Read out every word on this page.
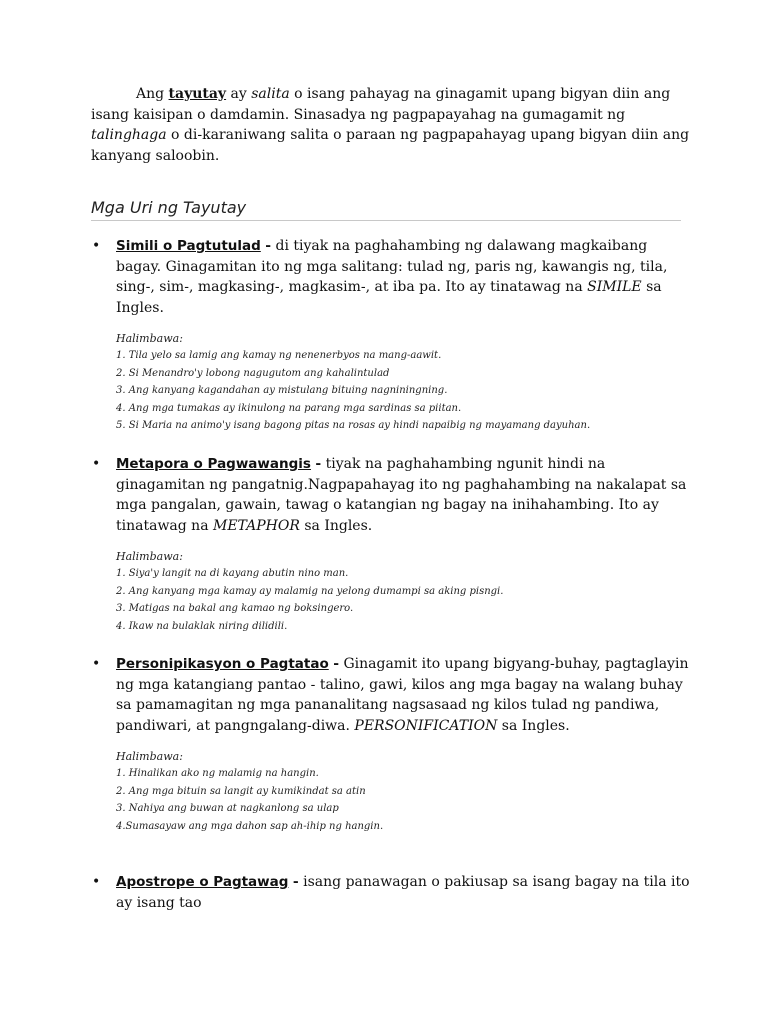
Ang tayutay ay salita o isang pahayag na ginagamit upang bigyan diin ang isang kaisipan o damdamin. Sinasadya ng pagpapayahag na gumagamit ng talinghaga o di-karaniwang salita o paraan ng pagpapahayag upang bigyan diin ang kanyang saloobin.
Mga Uri ng Tayutay
• Simili o Pagtutulad - di tiyak na paghahambing ng dalawang magkaibang bagay. Ginagamitan ito ng mga salitang: tulad ng, paris ng, kawangis ng, tila, sing-, sim-, magkasing-, magkasim-, at iba pa. Ito ay tinatawag na SIMILE sa Ingles.
Halimbawa:
1. Tila yelo sa lamig ang kamay ng nenenerbyos na mang-aawit.
2. Si Menandro'y lobong nagugutom ang kahalintulad
3. Ang kanyang kagandahan ay mistulang bituing nagniningning.
4. Ang mga tumakas ay ikinulong na parang mga sardinas sa piitan.
5. Si Maria na animo'y isang bagong pitas na rosas ay hindi napaibig ng mayamang dayuhan.
• Metapora o Pagwawangis - tiyak na paghahambing ngunit hindi na ginagamitan ng pangatnig.Nagpapahayag ito ng paghahambing na nakalapat sa mga pangalan, gawain, tawag o katangian ng bagay na inihahambing. Ito ay tinatawag na METAPHOR sa Ingles.
Halimbawa:
1. Siya'y langit na di kayang abutin nino man.
2. Ang kanyang mga kamay ay malamig na yelong dumampi sa aking pisngi.
3. Matigas na bakal ang kamao ng boksingero.
4. Ikaw na bulaklak niring dilidili.
• Personipikasyon o Pagtatao - Ginagamit ito upang bigyang-buhay, pagtaglayin ng mga katangiang pantao - talino, gawi, kilos ang mga bagay na walang buhay sa pamamagitan ng mga pananalitang nagsasaad ng kilos tulad ng pandiwa, pandiwari, at pangngalang-diwa. PERSONIFICATION sa Ingles.
Halimbawa:
1. Hinalikan ako ng malamig na hangin.
2. Ang mga bituin sa langit ay kumikindat sa atin
3. Nahiya ang buwan at nagkanlong sa ulap
4.Sumasayaw ang mga dahon sap ah-ihip ng hangin.
• Apostrope o Pagtawag - isang panawagan o pakiusap sa isang bagay na tila ito ay isang tao
